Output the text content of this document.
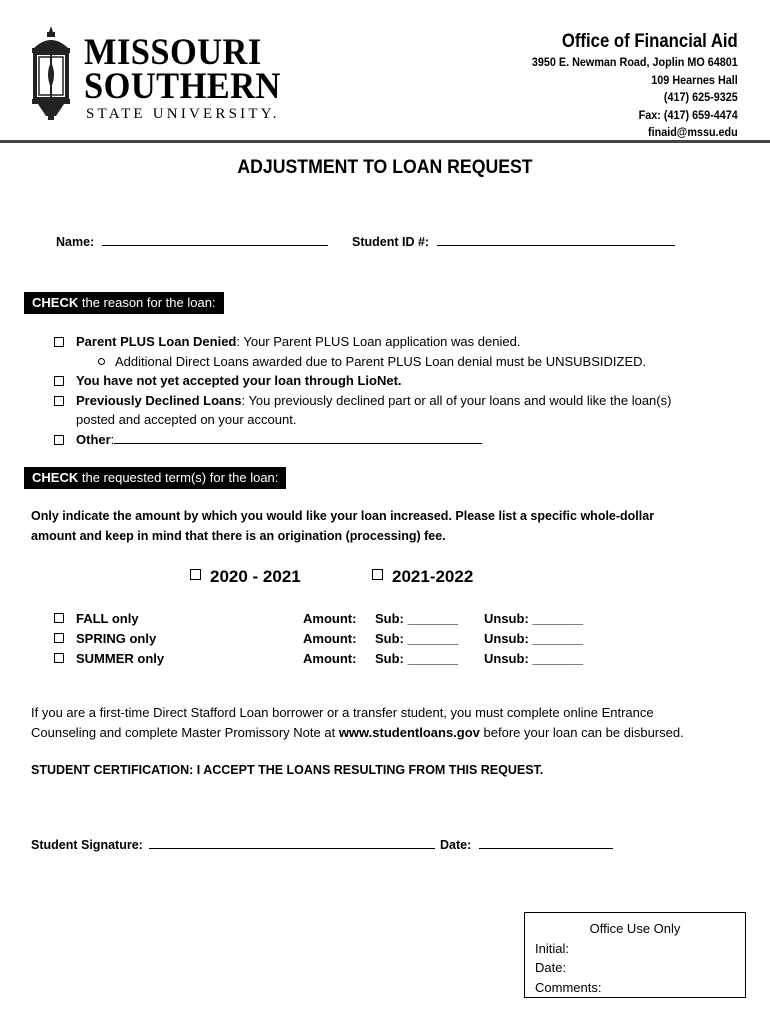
MISSOURI
SOUTHERN
STATE UNIVERSITY.
Office of Financial Aid
3950 E. Newman Road, Joplin MO 64801
109 Hearnes Hall
(417) 625-9325
Fax: (417) 659-4474
finaid@mssu.edu
ADJUSTMENT TO LOAN REQUEST
Name:	Student ID #:
CHECK the reason for the loan:
Parent PLUS Loan Denied: Your Parent PLUS Loan application was denied.
Additional Direct Loans awarded due to Parent PLUS Loan denial must be UNSUBSIDIZED.
You have not yet accepted your loan through LioNet.
Previously Declined Loans: You previously declined part or all of your loans and would like the loan(s)
posted and accepted on your account.
Other:
CHECK the requested term(s) for the loan:
Only indicate the amount by which you would like your loan increased. Please list a specific whole-dollar
amount and keep in mind that there is an origination (processing) fee.
2020 - 2021	2021-2022
FALL only	Amount: Sub: _______ Unsub: _______
SPRING only	Amount: Sub: _______ Unsub: _______
SUMMER only	Amount: Sub: _______ Unsub: _______
If you are a first-time Direct Stafford Loan borrower or a transfer student, you must complete online Entrance
Counseling and complete Master Promissory Note at www.studentloans.gov before your loan can be disbursed.
STUDENT CERTIFICATION: I ACCEPT THE LOANS RESULTING FROM THIS REQUEST.
Student Signature:	Date:
Office Use Only
Initial:
Date:
Comments:
